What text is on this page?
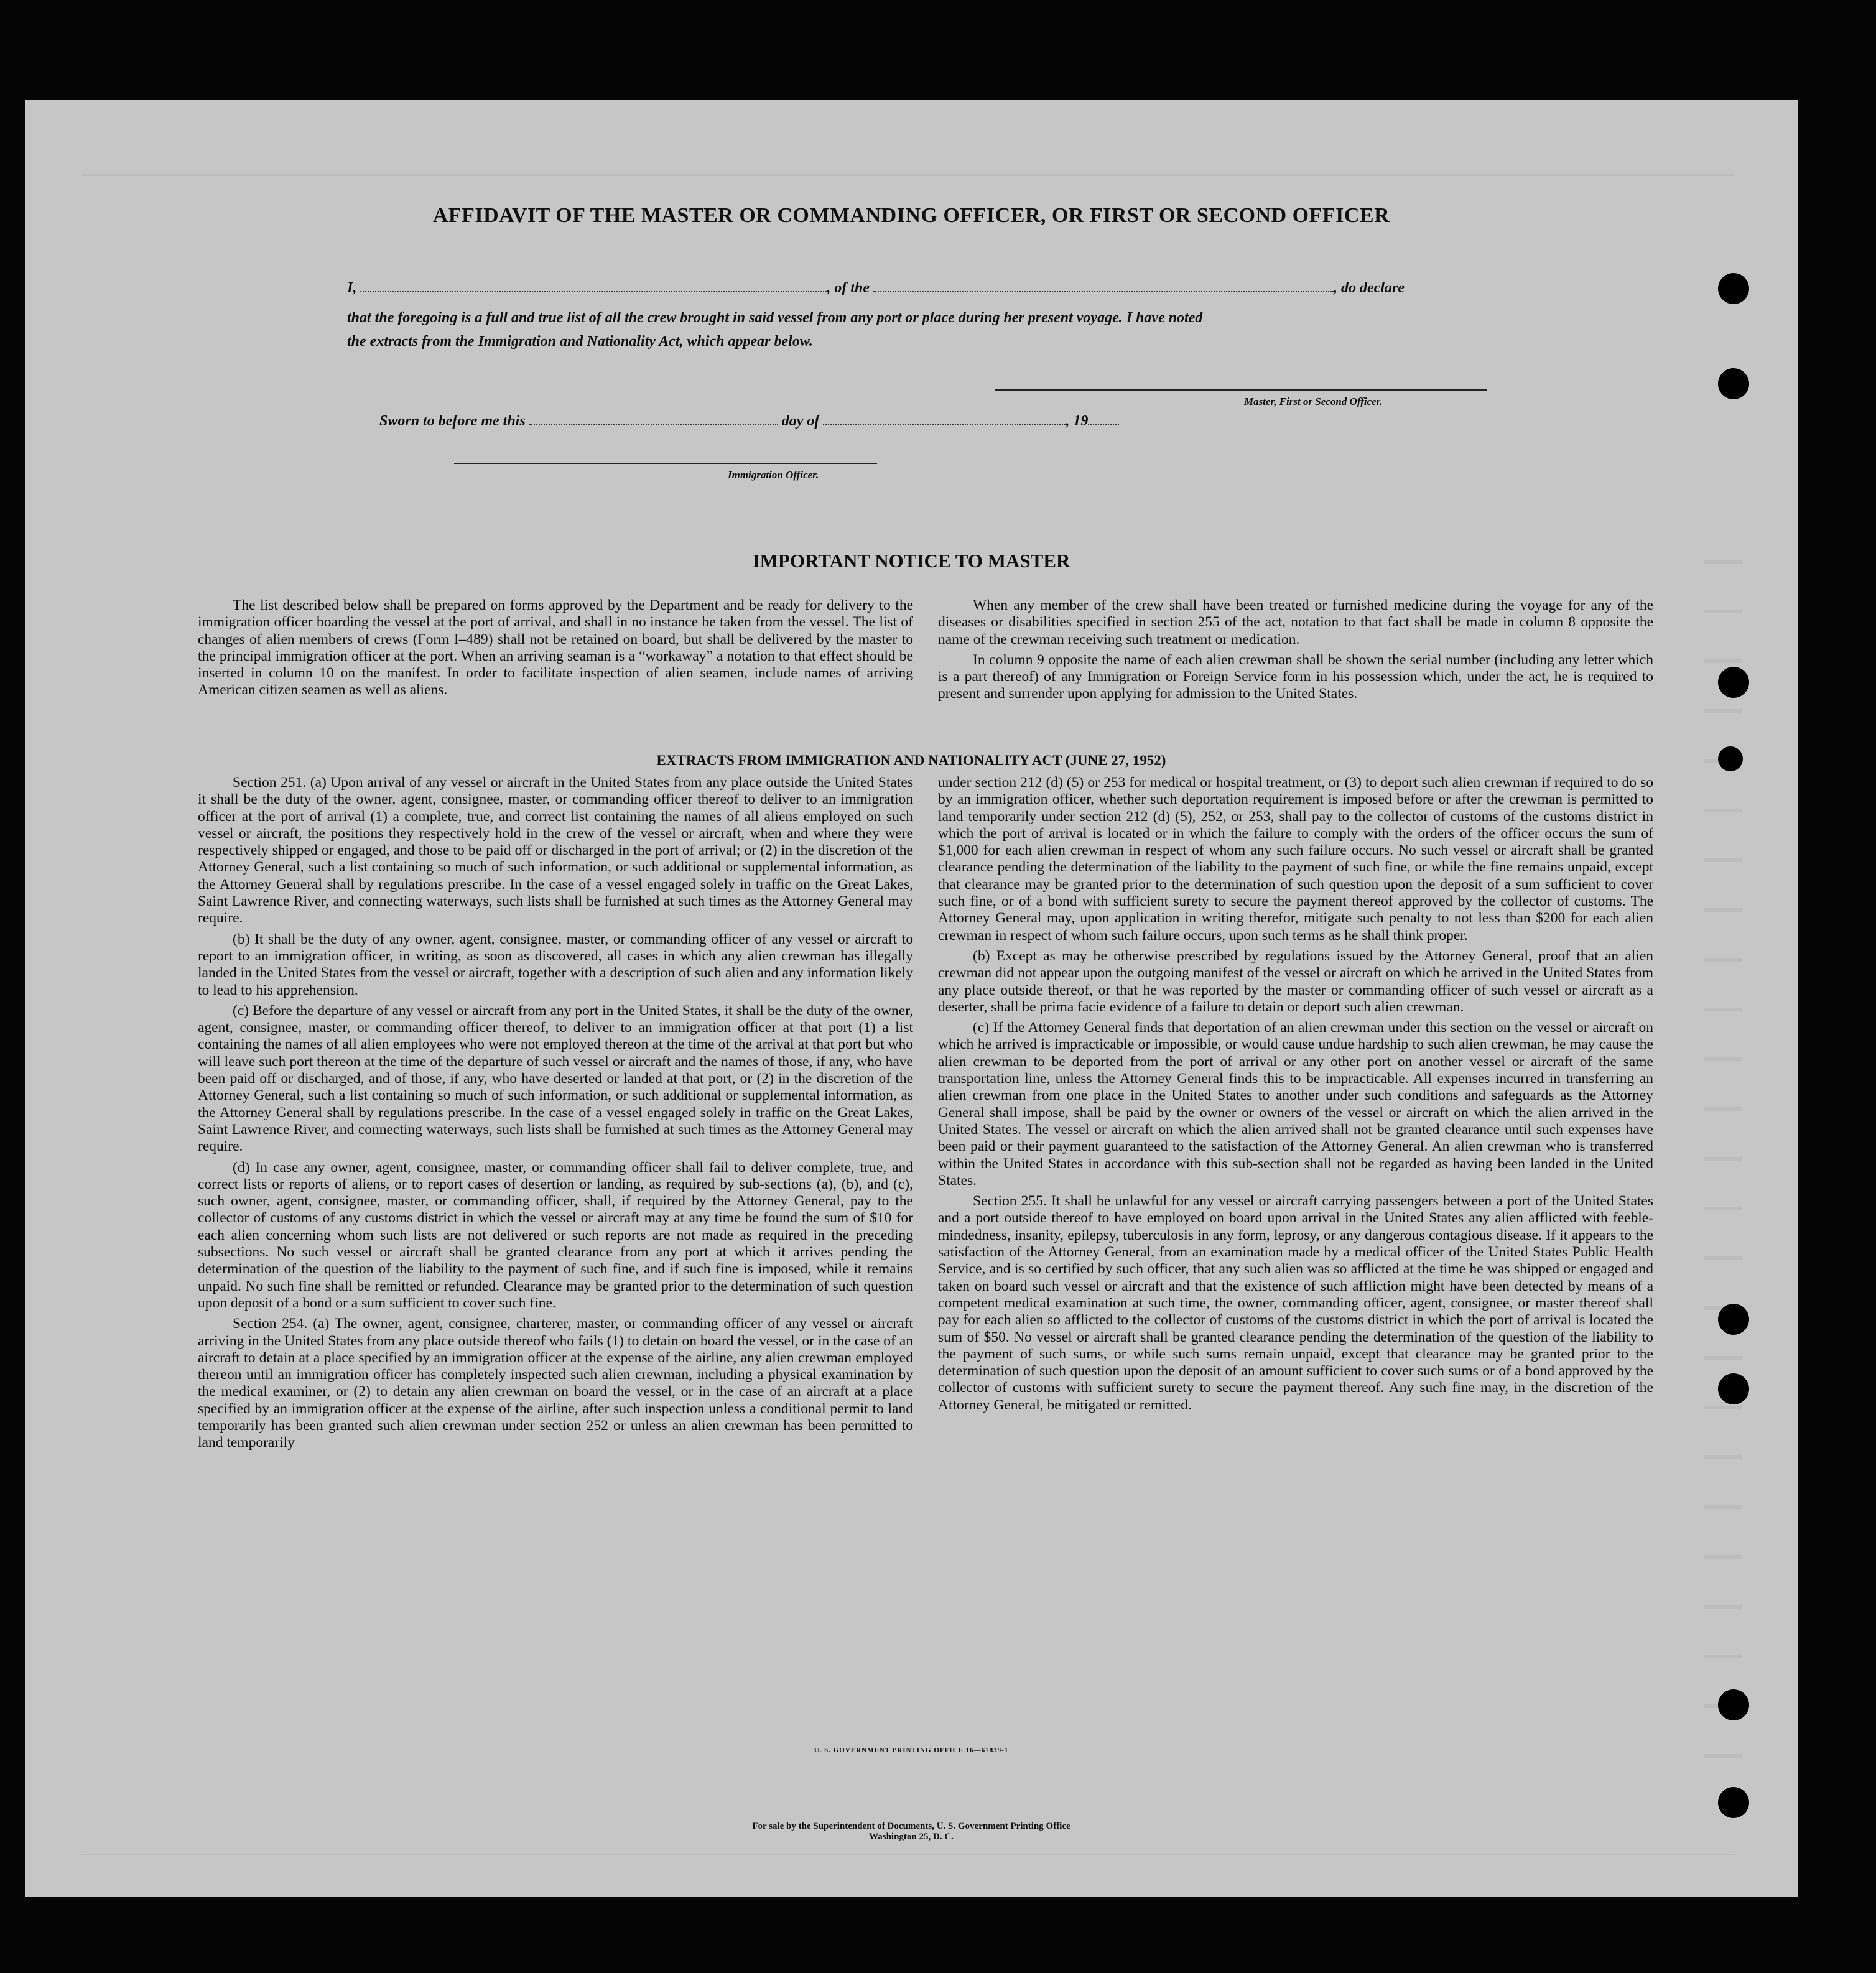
AFFIDAVIT OF THE MASTER OR COMMANDING OFFICER, OR FIRST OR SECOND OFFICER
I,	, of the	, do declare
that the foregoing is a full and true list of all the crew brought in said vessel from any port or place during her present voyage. I have noted
the extracts from the Immigration and Nationality Act, which appear below.
Master, First or Second Officer.
Sworn to before me this	day of	, 19
Immigration Officer.
IMPORTANT NOTICE TO MASTER

The list described below shall be prepared on forms approved by the Department and be ready for delivery to the immigration officer boarding the vessel at the port of arrival, and shall in no instance be taken from the vessel. The list of changes of alien members of crews (Form I–489) shall not be retained on board, but shall be delivered by the master to the principal immigration officer at the port. When an arriving seaman is a “workaway” a notation to that effect should be inserted in column 10 on the manifest. In order to facilitate inspection of alien seamen, include names of arriving American citizen seamen as well as aliens.

When any member of the crew shall have been treated or furnished medicine during the voyage for any of the diseases or disabilities specified in section 255 of the act, notation to that fact shall be made in column 8 opposite the name of the crewman receiving such treatment or medication.

In column 9 opposite the name of each alien crewman shall be shown the serial number (including any letter which is a part thereof) of any Immigration or Foreign Service form in his possession which, under the act, he is required to present and surrender upon applying for admission to the United States.

EXTRACTS FROM IMMIGRATION AND NATIONALITY ACT (JUNE 27, 1952)

Section 251. (a) Upon arrival of any vessel or aircraft in the United States from any place outside the United States it shall be the duty of the owner, agent, consignee, master, or commanding officer thereof to deliver to an immigration officer at the port of arrival (1) a complete, true, and correct list containing the names of all aliens employed on such vessel or aircraft, the positions they respectively hold in the crew of the vessel or aircraft, when and where they were respectively shipped or engaged, and those to be paid off or discharged in the port of arrival; or (2) in the discretion of the Attorney General, such a list containing so much of such information, or such additional or supplemental information, as the Attorney General shall by regulations prescribe. In the case of a vessel engaged solely in traffic on the Great Lakes, Saint Lawrence River, and connecting waterways, such lists shall be furnished at such times as the Attorney General may require.

(b) It shall be the duty of any owner, agent, consignee, master, or commanding officer of any vessel or aircraft to report to an immigration officer, in writing, as soon as discovered, all cases in which any alien crewman has illegally landed in the United States from the vessel or aircraft, together with a description of such alien and any information likely to lead to his apprehension.

(c) Before the departure of any vessel or aircraft from any port in the United States, it shall be the duty of the owner, agent, consignee, master, or commanding officer thereof, to deliver to an immigration officer at that port (1) a list containing the names of all alien employees who were not employed thereon at the time of the arrival at that port but who will leave such port thereon at the time of the departure of such vessel or aircraft and the names of those, if any, who have been paid off or discharged, and of those, if any, who have deserted or landed at that port, or (2) in the discretion of the Attorney General, such a list containing so much of such information, or such additional or supplemental information, as the Attorney General shall by regulations prescribe. In the case of a vessel engaged solely in traffic on the Great Lakes, Saint Lawrence River, and connecting waterways, such lists shall be furnished at such times as the Attorney General may require.

(d) In case any owner, agent, consignee, master, or commanding officer shall fail to deliver complete, true, and correct lists or reports of aliens, or to report cases of desertion or landing, as required by sub-sections (a), (b), and (c), such owner, agent, consignee, master, or commanding officer, shall, if required by the Attorney General, pay to the collector of customs of any customs district in which the vessel or aircraft may at any time be found the sum of $10 for each alien concerning whom such lists are not delivered or such reports are not made as required in the preceding subsections. No such vessel or aircraft shall be granted clearance from any port at which it arrives pending the determination of the question of the liability to the payment of such fine, and if such fine is imposed, while it remains unpaid. No such fine shall be remitted or refunded. Clearance may be granted prior to the determination of such question upon deposit of a bond or a sum sufficient to cover such fine.

Section 254. (a) The owner, agent, consignee, charterer, master, or commanding officer of any vessel or aircraft arriving in the United States from any place outside thereof who fails (1) to detain on board the vessel, or in the case of an aircraft to detain at a place specified by an immigration officer at the expense of the airline, any alien crewman employed thereon until an immigration officer has completely inspected such alien crewman, including a physical examination by the medical examiner, or (2) to detain any alien crewman on board the vessel, or in the case of an aircraft at a place specified by an immigration officer at the expense of the airline, after such inspection unless a conditional permit to land temporarily has been granted such alien crewman under section 252 or unless an alien crewman has been permitted to land temporarily

under section 212 (d) (5) or 253 for medical or hospital treatment, or (3) to deport such alien crewman if required to do so by an immigration officer, whether such deportation requirement is imposed before or after the crewman is permitted to land temporarily under section 212 (d) (5), 252, or 253, shall pay to the collector of customs of the customs district in which the port of arrival is located or in which the failure to comply with the orders of the officer occurs the sum of $1,000 for each alien crewman in respect of whom any such failure occurs. No such vessel or aircraft shall be granted clearance pending the determination of the liability to the payment of such fine, or while the fine remains unpaid, except that clearance may be granted prior to the determination of such question upon the deposit of a sum sufficient to cover such fine, or of a bond with sufficient surety to secure the payment thereof approved by the collector of customs. The Attorney General may, upon application in writing therefor, mitigate such penalty to not less than $200 for each alien crewman in respect of whom such failure occurs, upon such terms as he shall think proper.

(b) Except as may be otherwise prescribed by regulations issued by the Attorney General, proof that an alien crewman did not appear upon the outgoing manifest of the vessel or aircraft on which he arrived in the United States from any place outside thereof, or that he was reported by the master or commanding officer of such vessel or aircraft as a deserter, shall be prima facie evidence of a failure to detain or deport such alien crewman.

(c) If the Attorney General finds that deportation of an alien crewman under this section on the vessel or aircraft on which he arrived is impracticable or impossible, or would cause undue hardship to such alien crewman, he may cause the alien crewman to be deported from the port of arrival or any other port on another vessel or aircraft of the same transportation line, unless the Attorney General finds this to be impracticable. All expenses incurred in transferring an alien crewman from one place in the United States to another under such conditions and safeguards as the Attorney General shall impose, shall be paid by the owner or owners of the vessel or aircraft on which the alien arrived in the United States. The vessel or aircraft on which the alien arrived shall not be granted clearance until such expenses have been paid or their payment guaranteed to the satisfaction of the Attorney General. An alien crewman who is transferred within the United States in accordance with this sub-section shall not be regarded as having been landed in the United States.

Section 255. It shall be unlawful for any vessel or aircraft carrying passengers between a port of the United States and a port outside thereof to have employed on board upon arrival in the United States any alien afflicted with feeble-mindedness, insanity, epilepsy, tuberculosis in any form, leprosy, or any dangerous contagious disease. If it appears to the satisfaction of the Attorney General, from an examination made by a medical officer of the United States Public Health Service, and is so certified by such officer, that any such alien was so afflicted at the time he was shipped or engaged and taken on board such vessel or aircraft and that the existence of such affliction might have been detected by means of a competent medical examination at such time, the owner, commanding officer, agent, consignee, or master thereof shall pay for each alien so afflicted to the collector of customs of the customs district in which the port of arrival is located the sum of $50. No vessel or aircraft shall be granted clearance pending the determination of the question of the liability to the payment of such sums, or while such sums remain unpaid, except that clearance may be granted prior to the determination of such question upon the deposit of an amount sufficient to cover such sums or of a bond approved by the collector of customs with sufficient surety to secure the payment thereof. Any such fine may, in the discretion of the Attorney General, be mitigated or remitted.

U. S. GOVERNMENT PRINTING OFFICE 16—67839-1
For sale by the Superintendent of Documents, U. S. Government Printing Office
Washington 25, D. C.
